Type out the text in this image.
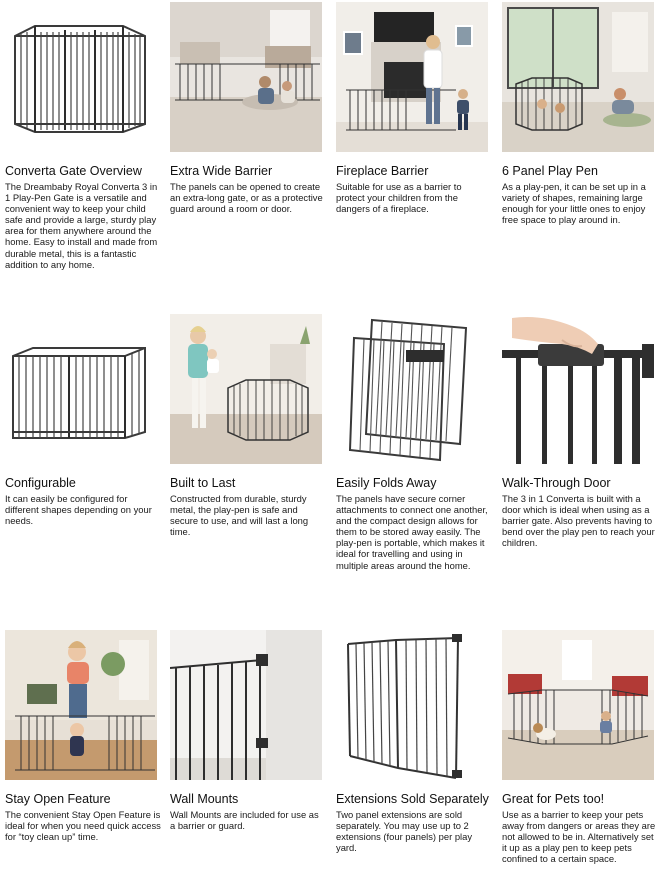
Converta Gate Overview
The Dreambaby Royal Converta 3 in 1 Play-Pen Gate is a versatile and convenient way to keep your child safe and provide a large, sturdy play area for them anywhere around the home. Easy to install and made from durable metal, this is a fantastic addition to any home.
Extra Wide Barrier
The panels can be opened to create an extra-long gate, or as a protective guard around a room or door.
Fireplace Barrier
Suitable for use as a barrier to protect your children from the dangers of a fireplace.
6 Panel Play Pen
As a play-pen, it can be set up in a variety of shapes, remaining large enough for your little ones to enjoy free space to play around in.
Configurable
It can easily be configured for different shapes depending on your needs.
Built to Last
Constructed from durable, sturdy metal, the play-pen is safe and secure to use, and will last a long time.
Easily Folds Away
The panels have secure corner attachments to connect one another, and the compact design allows for them to be stored away easily. The play-pen is portable, which makes it ideal for travelling and using in multiple areas around the home.
Walk-Through Door
The 3 in 1 Converta is built with a door which is ideal when using as a barrier gate. Also prevents having to bend over the play pen to reach your children.
Stay Open Feature
The convenient Stay Open Feature is ideal for when you need quick access for “toy clean up” time.
Wall Mounts
Wall Mounts are included for use as a barrier or guard.
Extensions Sold Separately
Two panel extensions are sold separately. You may use up to 2 extensions (four panels) per play yard.
Great for Pets too!
Use as a barrier to keep your pets away from dangers or areas they are not allowed to be in. Alternatively set it up as a play pen to keep pets confined to a certain space.
